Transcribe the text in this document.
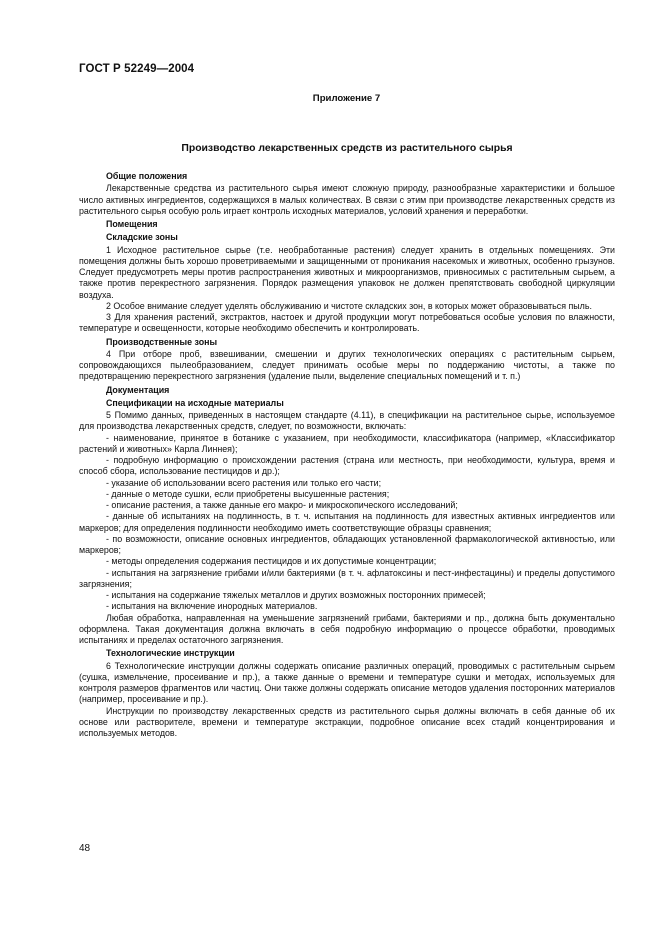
ГОСТ Р 52249—2004
Приложение 7
Производство лекарственных средств из растительного сырья

Общие положения

Лекарственные средства из растительного сырья имеют сложную природу, разнообразные характеристики и большое число активных ингредиентов, содержащихся в малых количествах. В связи с этим при производстве лекарственных средств из растительного сырья особую роль играет контроль исходных материалов, условий хранения и переработки.

Помещения

Складские зоны

1 Исходное растительное сырье (т.е. необработанные растения) следует хранить в отдельных помещениях. Эти помещения должны быть хорошо проветриваемыми и защищенными от проникания насекомых и животных, особенно грызунов. Следует предусмотреть меры против распространения животных и микроорганизмов, привносимых с растительным сырьем, а также против перекрестного загрязнения. Порядок размещения упаковок не должен препятствовать свободной циркуляции воздуха.

2 Особое внимание следует уделять обслуживанию и чистоте складских зон, в которых может образовываться пыль.

3 Для хранения растений, экстрактов, настоек и другой продукции могут потребоваться особые условия по влажности, температуре и освещенности, которые необходимо обеспечить и контролировать.

Производственные зоны

4 При отборе проб, взвешивании, смешении и других технологических операциях с растительным сырьем, сопровождающихся пылеобразованием, следует принимать особые меры по поддержанию чистоты, а также по предотвращению перекрестного загрязнения (удаление пыли, выделение специальных помещений и т. п.)

Документация

Спецификации на исходные материалы

5 Помимо данных, приведенных в настоящем стандарте (4.11), в спецификации на растительное сырье, используемое для производства лекарственных средств, следует, по возможности, включать:

- наименование, принятое в ботанике с указанием, при необходимости, классификатора (например, «Классификатор растений и животных» Карла Линнея);

- подробную информацию о происхождении растения (страна или местность, при необходимости, культура, время и способ сбора, использование пестицидов и др.);

- указание об использовании всего растения или только его части;

- данные о методе сушки, если приобретены высушенные растения;

- описание растения, а также данные его макро- и микроскопического исследований;

- данные об испытаниях на подлинность, в т. ч. испытания на подлинность для известных активных ингредиентов или маркеров; для определения подлинности необходимо иметь соответствующие образцы сравнения;

- по возможности, описание основных ингредиентов, обладающих установленной фармакологической активностью, или маркеров;

- методы определения содержания пестицидов и их допустимые концентрации;

- испытания на загрязнение грибами и/или бактериями (в т. ч. афлатоксины и пест-инфестацины) и пределы допустимого загрязнения;

- испытания на содержание тяжелых металлов и других возможных посторонних примесей;

- испытания на включение инородных материалов.

Любая обработка, направленная на уменьшение загрязнений грибами, бактериями и пр., должна быть документально оформлена. Такая документация должна включать в себя подробную информацию о процессе обработки, проводимых испытаниях и пределах остаточного загрязнения.

Технологические инструкции

6 Технологические инструкции должны содержать описание различных операций, проводимых с растительным сырьем (сушка, измельчение, просеивание и пр.), а также данные о времени и температуре сушки и методах, используемых для контроля размеров фрагментов или частиц. Они также должны содержать описание методов удаления посторонних материалов (например, просеивание и пр.).

Инструкции по производству лекарственных средств из растительного сырья должны включать в себя данные об их основе или растворителе, времени и температуре экстракции, подробное описание всех стадий концентрирования и используемых методов.

48
